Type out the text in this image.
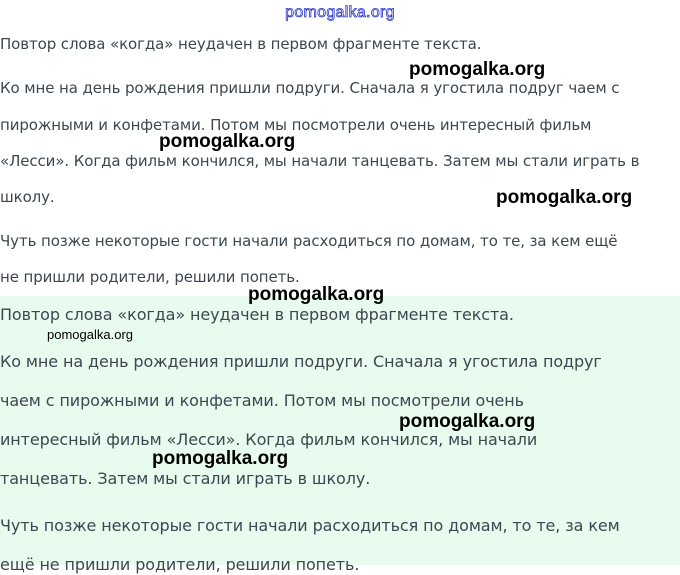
Повтор слова «когда» неудачен в первом фрагменте текста.
Ко мне на день рождения пришли подруги. Сначала я угостила подруг чаем с
пирожными и конфетами. Потом мы посмотрели очень интересный фильм
«Лесси». Когда фильм кончился, мы начали танцевать. Затем мы стали играть в
школу.
Чуть позже некоторые гости начали расходиться по домам, то те, за кем ещё
не пришли родители, решили попеть.
Повтор слова «когда» неудачен в первом фрагменте текста.
Ко мне на день рождения пришли подруги. Сначала я угостила подруг
чаем с пирожными и конфетами. Потом мы посмотрели очень
интересный фильм «Лесси». Когда фильм кончился, мы начали
танцевать. Затем мы стали играть в школу.
Чуть позже некоторые гости начали расходиться по домам, то те, за кем
ещё не пришли родители, решили попеть.
pomogalka.org
pomogalka.org
pomogalka.org
pomogalka.org
pomogalka.org
pomogalka.org
pomogalka.org
pomogalka.org
